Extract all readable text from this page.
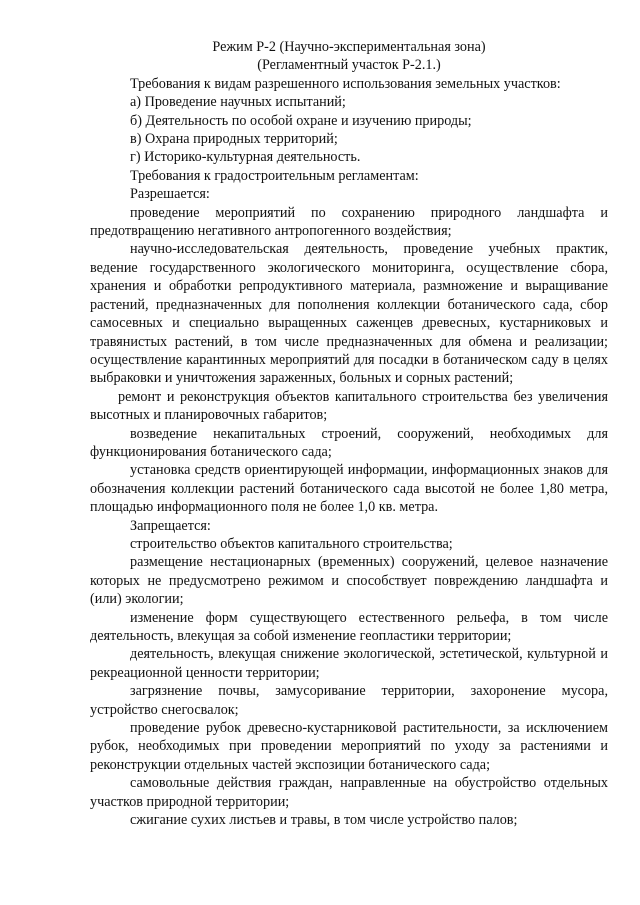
Режим Р-2 (Научно-экспериментальная зона)
(Регламентный участок Р-2.1.)
Требования к видам разрешенного использования земельных участков:
а) Проведение научных испытаний;
б) Деятельность по особой охране и изучению природы;
в) Охрана природных территорий;
г) Историко-культурная деятельность.
Требования к градостроительным регламентам:
Разрешается:
проведение мероприятий по сохранению природного ландшафта и предотвращению негативного антропогенного воздействия;
научно-исследовательская деятельность, проведение учебных практик, ведение государственного экологического мониторинга, осуществление сбора, хранения и обработки репродуктивного материала, размножение и выращивание растений, предназначенных для пополнения коллекции ботанического сада, сбор самосевных и специально выращенных саженцев древесных, кустарниковых и травянистых растений, в том числе предназначенных для обмена и реализации; осуществление карантинных мероприятий для посадки в ботаническом саду в целях выбраковки и уничтожения зараженных, больных и сорных растений;
ремонт и реконструкция объектов капитального строительства без увеличения высотных и планировочных габаритов;
возведение некапитальных строений, сооружений, необходимых для функционирования ботанического сада;
установка средств ориентирующей информации, информационных знаков для обозначения коллекции растений ботанического сада высотой не более 1,80 метра, площадью информационного поля не более 1,0 кв. метра.
Запрещается:
строительство объектов капитального строительства;
размещение нестационарных (временных) сооружений, целевое назначение которых не предусмотрено режимом и способствует повреждению ландшафта и (или) экологии;
изменение форм существующего естественного рельефа, в том числе деятельность, влекущая за собой изменение геопластики территории;
деятельность, влекущая снижение экологической, эстетической, культурной и рекреационной ценности территории;
загрязнение почвы, замусоривание территории, захоронение мусора, устройство снегосвалок;
проведение рубок древесно-кустарниковой растительности, за исключением рубок, необходимых при проведении мероприятий по уходу за растениями и реконструкции отдельных частей экспозиции ботанического сада;
самовольные действия граждан, направленные на обустройство отдельных участков природной территории;
сжигание сухих листьев и травы, в том числе устройство палов;
